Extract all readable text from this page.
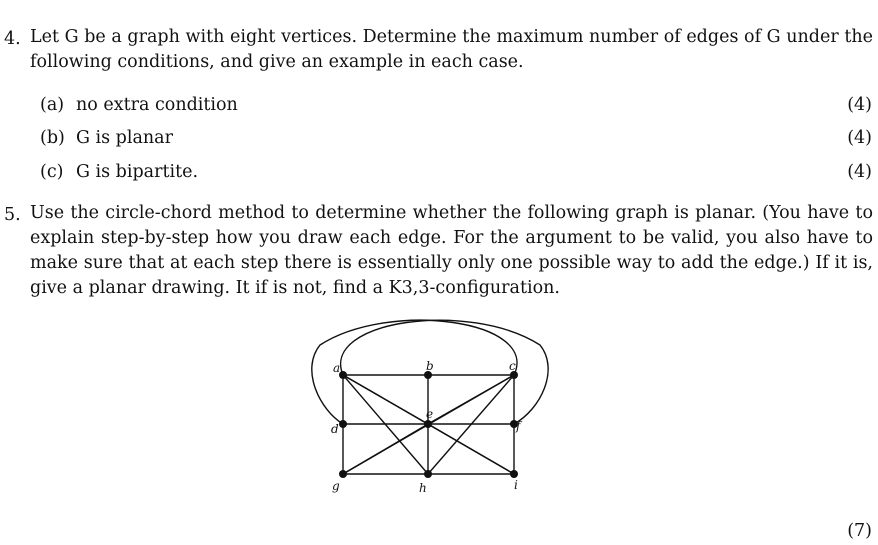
4. Let G be a graph with eight vertices. Determine the maximum number of edges of G under the
following conditions, and give an example in each case.
(a) no extra condition	(4)
(b) G is planar	(4)
(c) G is bipartite.	(4)
5. Use the circle-chord method to determine whether the following graph is planar. (You have to
explain step-by-step how you draw each edge. For the argument to be valid, you also have to
make sure that at each step there is essentially only one possible way to add the edge.) If it is,
give a planar drawing. It if is not, find a K3,3-configuration.
a	b	c
d
e
f
g	h	i
(7)
